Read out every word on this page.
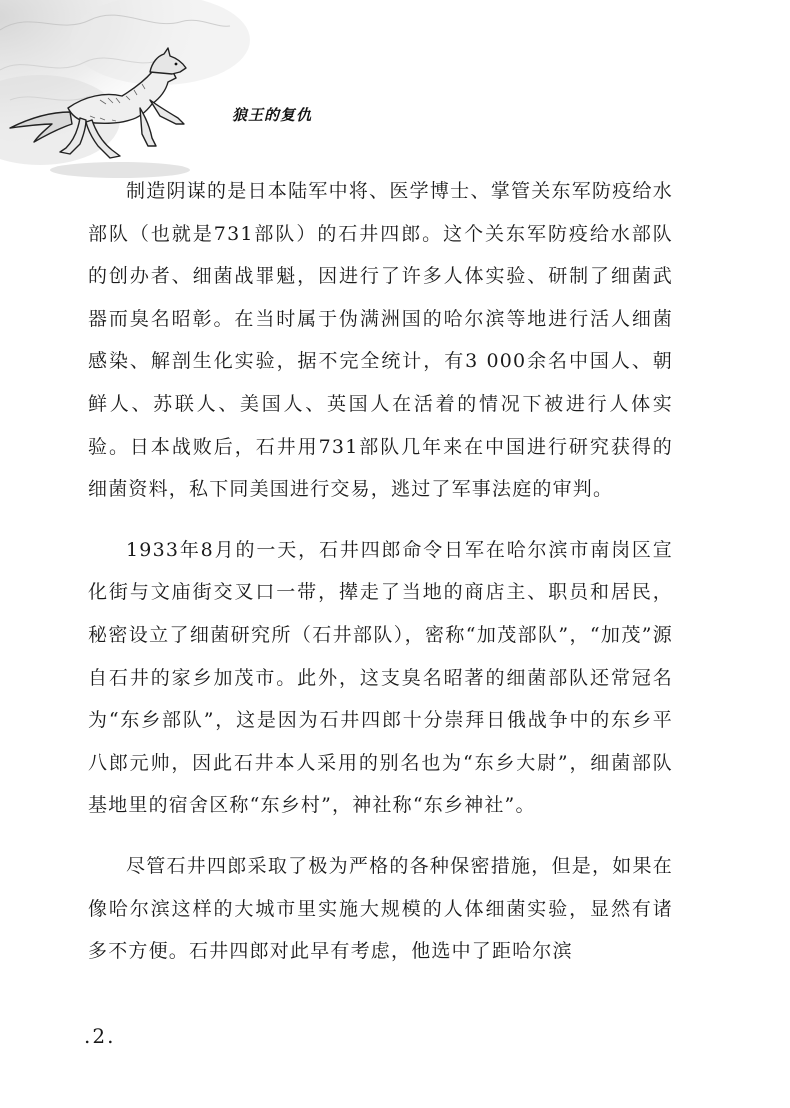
狼王的复仇

制造阴谋的是日本陆军中将、医学博士、掌管关东军防疫给水部队（也就是731部队）的石井四郎。这个关东军防疫给水部队的创办者、细菌战罪魁，因进行了许多人体实验、研制了细菌武器而臭名昭彰。在当时属于伪满洲国的哈尔滨等地进行活人细菌感染、解剖生化实验，据不完全统计，有3 000余名中国人、朝鲜人、苏联人、美国人、英国人在活着的情况下被进行人体实验。日本战败后，石井用731部队几年来在中国进行研究获得的细菌资料，私下同美国进行交易，逃过了军事法庭的审判。

1933年8月的一天，石井四郎命令日军在哈尔滨市南岗区宣化街与文庙街交叉口一带，撵走了当地的商店主、职员和居民，秘密设立了细菌研究所（石井部队），密称“加茂部队”，“加茂”源自石井的家乡加茂市。此外，这支臭名昭著的细菌部队还常冠名为“东乡部队”，这是因为石井四郎十分崇拜日俄战争中的东乡平八郎元帅，因此石井本人采用的别名也为“东乡大尉”，细菌部队基地里的宿舍区称“东乡村”，神社称“东乡神社”。

尽管石井四郎采取了极为严格的各种保密措施，但是，如果在像哈尔滨这样的大城市里实施大规模的人体细菌实验，显然有诸多不方便。石井四郎对此早有考虑，他选中了距哈尔滨

.2.
